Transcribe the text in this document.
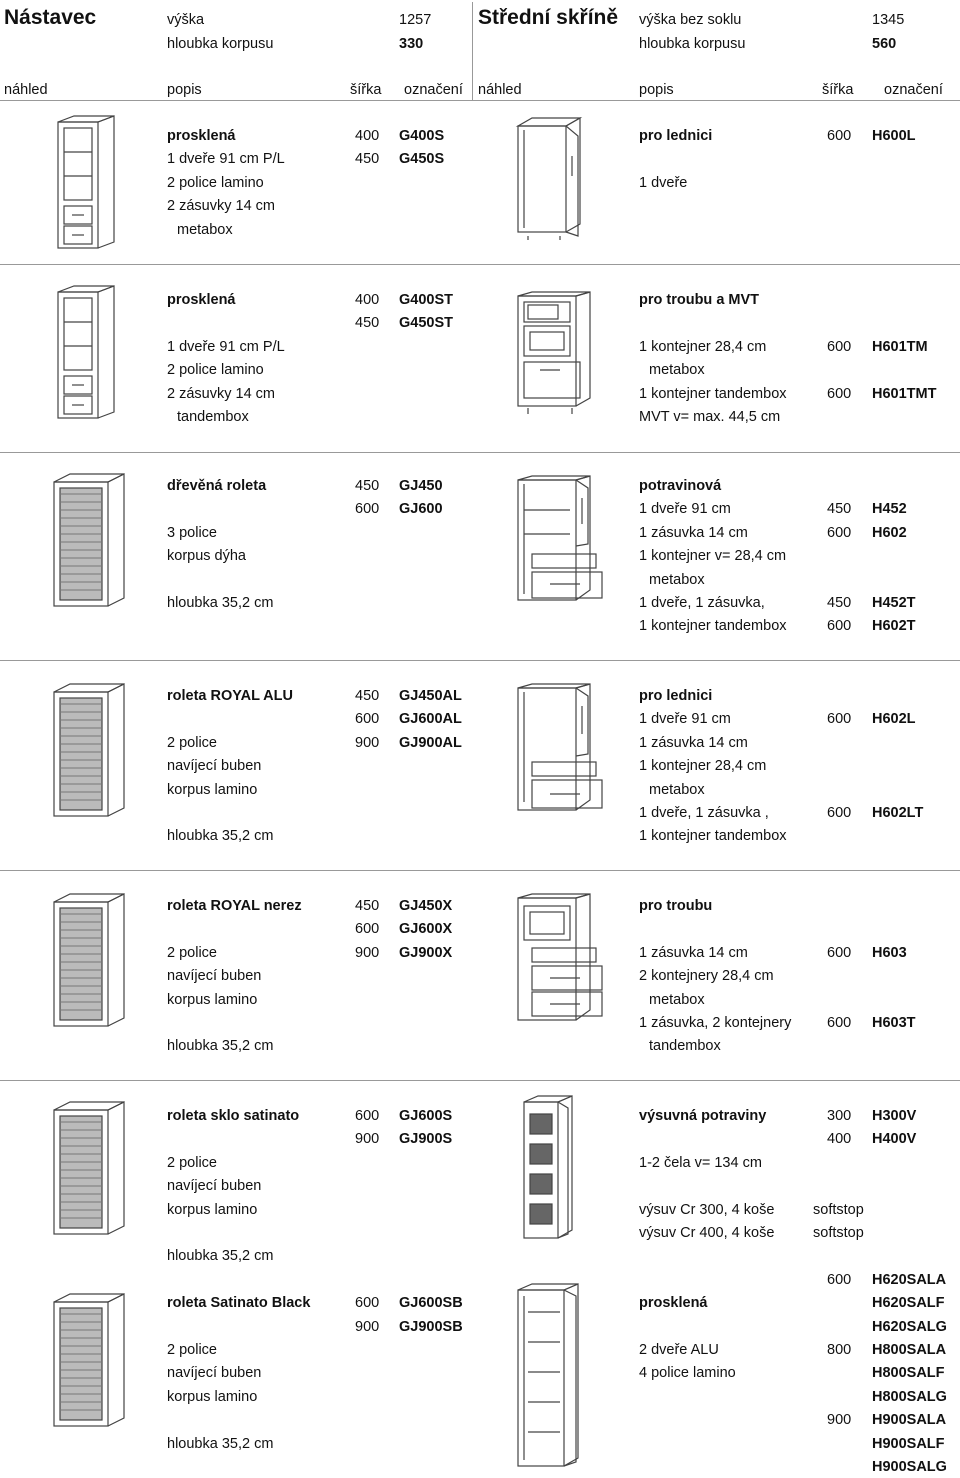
Nástavec	výška	1257
hloubka korpusu	330
Střední skříně výška bez soklu	1345
hloubka korpusu	560
náhled	popis	šířka označení náhled	popis	šířka označení
prosklená	400 G400S
1 dveře 91 cm P/L	450 G450S
2 police lamino
2 zásuvky 14 cm
metabox
prosklená	400 G400ST
450 G450ST
1 dveře 91 cm P/L
2 police lamino
2 zásuvky 14 cm
tandembox
dřevěná roleta	450 GJ450
600 GJ600
3 police
korpus dýha
hloubka 35,2 cm
roleta ROYAL ALU	450 GJ450AL
600 GJ600AL
2 police	900 GJ900AL
navíjecí buben
korpus lamino
hloubka 35,2 cm
roleta ROYAL nerez	450 GJ450X
600 GJ600X
2 police	900 GJ900X
navíjecí buben
korpus lamino
hloubka 35,2 cm
roleta sklo satinato	600 GJ600S
900 GJ900S
2 police
navíjecí buben
korpus lamino
hloubka 35,2 cm
roleta Satinato Black	600 GJ600SB
900 GJ900SB
2 police
navíjecí buben
korpus lamino
hloubka 35,2 cm
pro lednici	600 H600L
1 dveře
pro troubu a MVT
1 kontejner 28,4 cm	600 H601TM
metabox
1 kontejner tandembox	600 H601TMT
MVT v= max. 44,5 cm
potravinová
1 dveře 91 cm	450 H452
1 zásuvka 14 cm	600 H602
1 kontejner v= 28,4 cm
metabox
1 dveře, 1 zásuvka,	450 H452T
1 kontejner tandembox	600 H602T
pro lednici
1 dveře 91 cm	600 H602L
1 zásuvka 14 cm
1 kontejner 28,4 cm
metabox
1 dveře, 1 zásuvka ,	600 H602LT
1 kontejner tandembox
pro troubu
1 zásuvka 14 cm	600 H603
2 kontejnery 28,4 cm
metabox
1 zásuvka, 2 kontejnery 600 H603T
tandembox
výsuvná potraviny	300 H300V
400 H400V
1-2 čela v= 134 cm
výsuv Cr 300, 4 koše	softstop
výsuv Cr 400, 4 koše	softstop
600 H620SALA
prosklená	H620SALF
H620SALG
2 dveře ALU	800 H800SALA
4 police lamino	H800SALF
H800SALG
900 H900SALA
H900SALF
H900SALG
